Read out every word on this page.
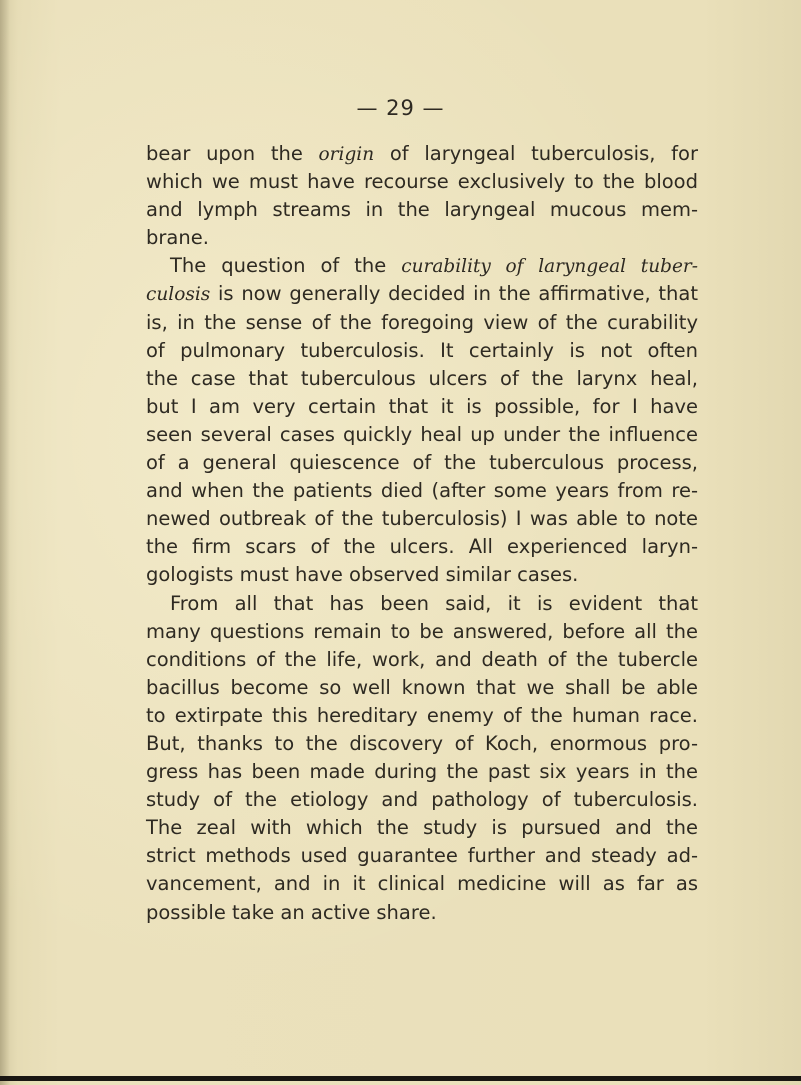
— 29 —
bear upon the origin of laryngeal tuberculosis, for
which we must have recourse exclusively to the blood
and lymph streams in the laryngeal mucous mem-
brane.
The question of the curability of laryngeal tuber-
culosis is now generally decided in the affirmative, that
is, in the sense of the foregoing view of the curability
of pulmonary tuberculosis. It certainly is not often
the case that tuberculous ulcers of the larynx heal,
but I am very certain that it is possible, for I have
seen several cases quickly heal up under the influence
of a general quiescence of the tuberculous process,
and when the patients died (after some years from re-
newed outbreak of the tuberculosis) I was able to note
the firm scars of the ulcers. All experienced laryn-
gologists must have observed similar cases.
From all that has been said, it is evident that
many questions remain to be answered, before all the
conditions of the life, work, and death of the tubercle
bacillus become so well known that we shall be able
to extirpate this hereditary enemy of the human race.
But, thanks to the discovery of Koch, enormous pro-
gress has been made during the past six years in the
study of the etiology and pathology of tuberculosis.
The zeal with which the study is pursued and the
strict methods used guarantee further and steady ad-
vancement, and in it clinical medicine will as far as
possible take an active share.
